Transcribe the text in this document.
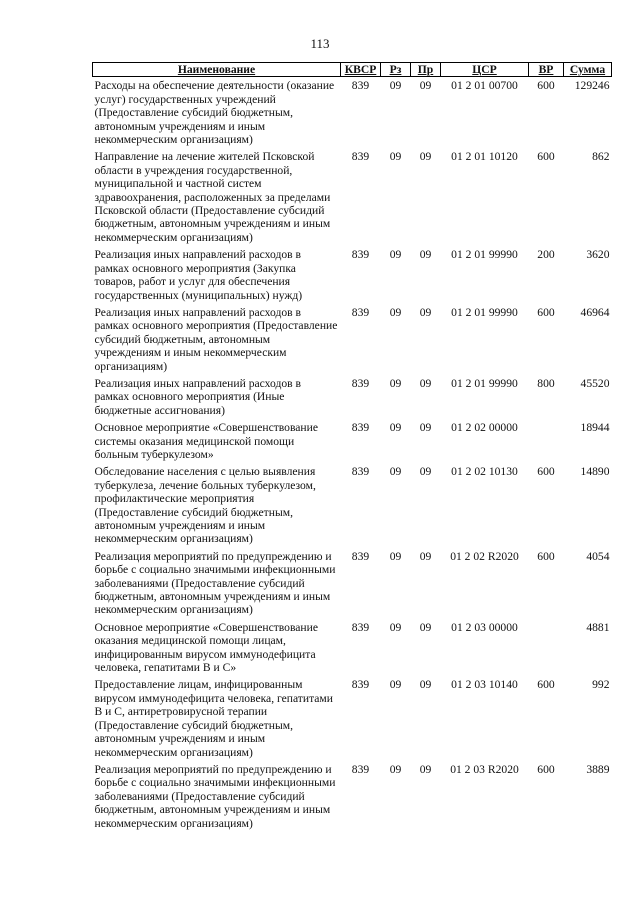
113
Наименование	КВСР	Рз	Пр	ЦСР	ВР	Сумма
Расходы на обеспечение деятельности (оказание услуг) государственных учреждений (Предоставление субсидий бюджетным, автономным учреждениям и иным некоммерческим организациям)	839	09	09	01 2 01 00700	600	129246
Направление на лечение жителей Псковской области в учреждения государственной, муниципальной и частной систем здравоохранения, расположенных за пределами Псковской области (Предоставление субсидий бюджетным, автономным учреждениям и иным некоммерческим организациям)	839	09	09	01 2 01 10120	600	862
Реализация иных направлений расходов в рамках основного мероприятия (Закупка товаров, работ и услуг для обеспечения государственных (муниципальных) нужд)	839	09	09	01 2 01 99990	200	3620
Реализация иных направлений расходов в рамках основного мероприятия (Предоставление субсидий бюджетным, автономным учреждениям и иным некоммерческим организациям)	839	09	09	01 2 01 99990	600	46964
Реализация иных направлений расходов в рамках основного мероприятия (Иные бюджетные ассигнования)	839	09	09	01 2 01 99990	800	45520
Основное мероприятие «Совершенствование системы оказания медицинской помощи больным туберкулезом»	839	09	09	01 2 02 00000		18944
Обследование населения с целью выявления туберкулеза, лечение больных туберкулезом, профилактические мероприятия (Предоставление субсидий бюджетным, автономным учреждениям и иным некоммерческим организациям)	839	09	09	01 2 02 10130	600	14890
Реализация мероприятий по предупреждению и борьбе с социально значимыми инфекционными заболеваниями (Предоставление субсидий бюджетным, автономным учреждениям и иным некоммерческим организациям)	839	09	09	01 2 02 R2020	600	4054
Основное мероприятие «Совершенствование оказания медицинской помощи лицам, инфицированным вирусом иммунодефицита человека, гепатитами В и С»	839	09	09	01 2 03 00000		4881
Предоставление лицам, инфицированным вирусом иммунодефицита человека, гепатитами В и С, антиретровирусной терапии (Предоставление субсидий бюджетным, автономным учреждениям и иным некоммерческим организациям)	839	09	09	01 2 03 10140	600	992
Реализация мероприятий по предупреждению и борьбе с социально значимыми инфекционными заболеваниями (Предоставление субсидий бюджетным, автономным учреждениям и иным некоммерческим организациям)	839	09	09	01 2 03 R2020	600	3889
